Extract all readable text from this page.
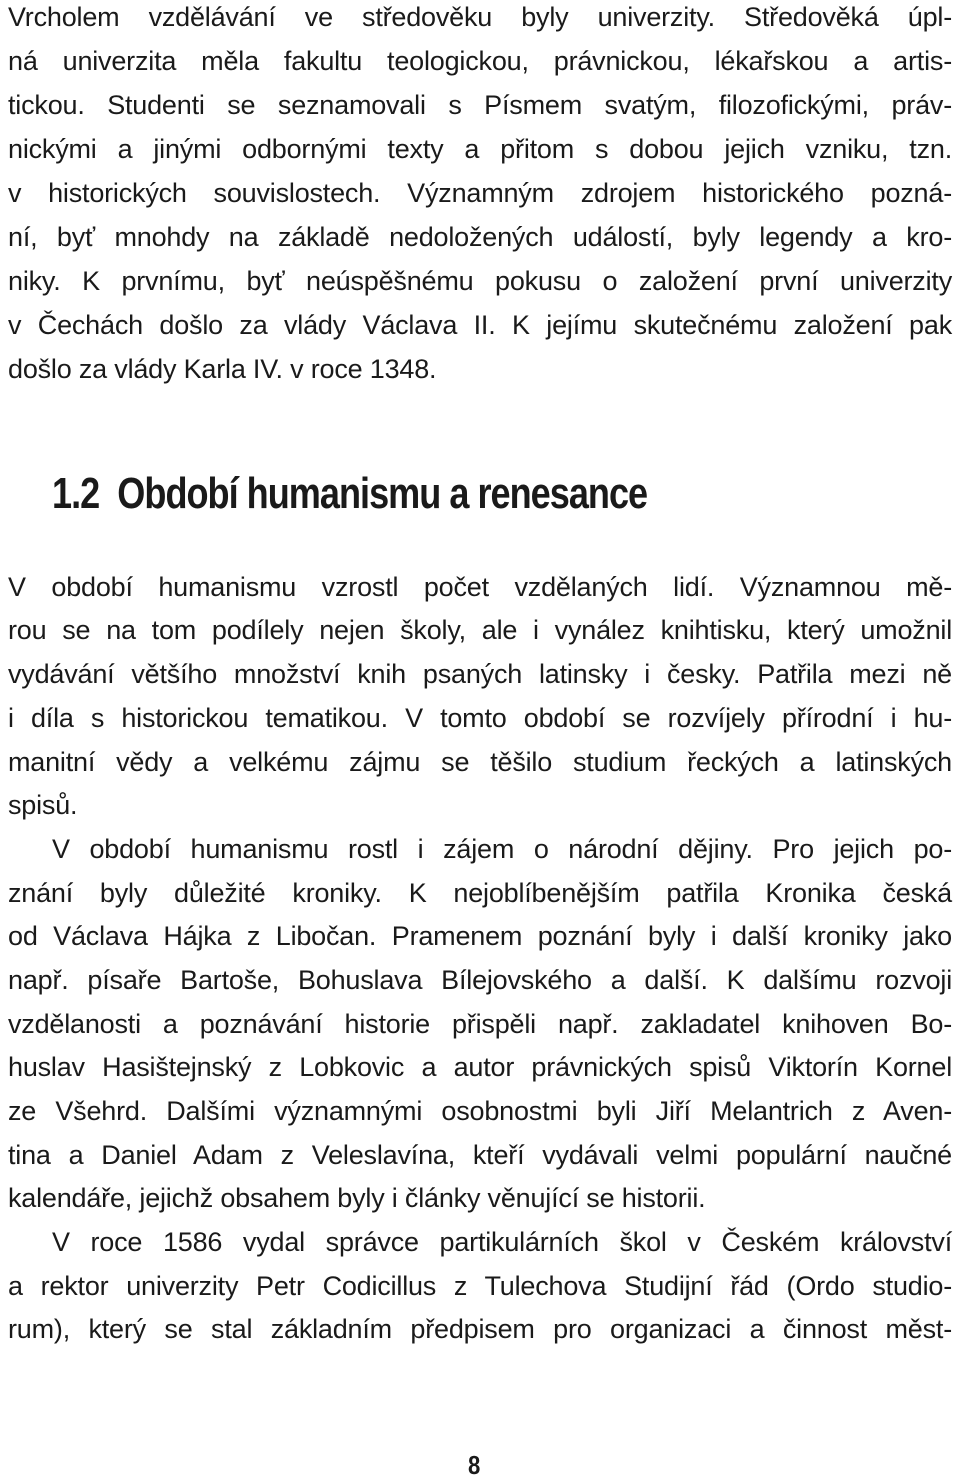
Vrcholem vzdělávání ve středověku byly univerzity. Středověká úpl-
ná univerzita měla fakultu teologickou, právnickou, lékařskou a artis-
tickou. Studenti se seznamovali s Písmem svatým, filozofickými, práv-
nickými a jinými odbornými texty a přitom s dobou jejich vzniku, tzn.
v historických souvislostech. Významným zdrojem historického pozná-
ní, byť mnohdy na základě nedoložených událostí, byly legendy a kro-
niky. K prvnímu, byť neúspěšnému pokusu o založení první univerzity
v Čechách došlo za vlády Václava II. K jejímu skutečnému založení pak
došlo za vlády Karla IV. v roce 1348.
1.2 Období humanismu a renesance
V období humanismu vzrostl počet vzdělaných lidí. Významnou mě-
rou se na tom podílely nejen školy, ale i vynález knihtisku, který umožnil
vydávání většího množství knih psaných latinsky i česky. Patřila mezi ně
i díla s historickou tematikou. V tomto období se rozvíjely přírodní i hu-
manitní vědy a velkému zájmu se těšilo studium řeckých a latinských
spisů.
V období humanismu rostl i zájem o národní dějiny. Pro jejich po-
znání byly důležité kroniky. K nejoblíbenějším patřila Kronika česká
od Václava Hájka z Libočan. Pramenem poznání byly i další kroniky jako
např. písaře Bartoše, Bohuslava Bílejovského a další. K dalšímu rozvoji
vzdělanosti a poznávání historie přispěli např. zakladatel knihoven Bo-
huslav Hasištejnský z Lobkovic a autor právnických spisů Viktorín Kornel
ze Všehrd. Dalšími významnými osobnostmi byli Jiří Melantrich z Aven-
tina a Daniel Adam z Veleslavína, kteří vydávali velmi populární naučné
kalendáře, jejichž obsahem byly i články věnující se historii.
V roce 1586 vydal správce partikulárních škol v Českém království
a rektor univerzity Petr Codicillus z Tulechova Studijní řád (Ordo studio-
rum), který se stal základním předpisem pro organizaci a činnost měst-
8
